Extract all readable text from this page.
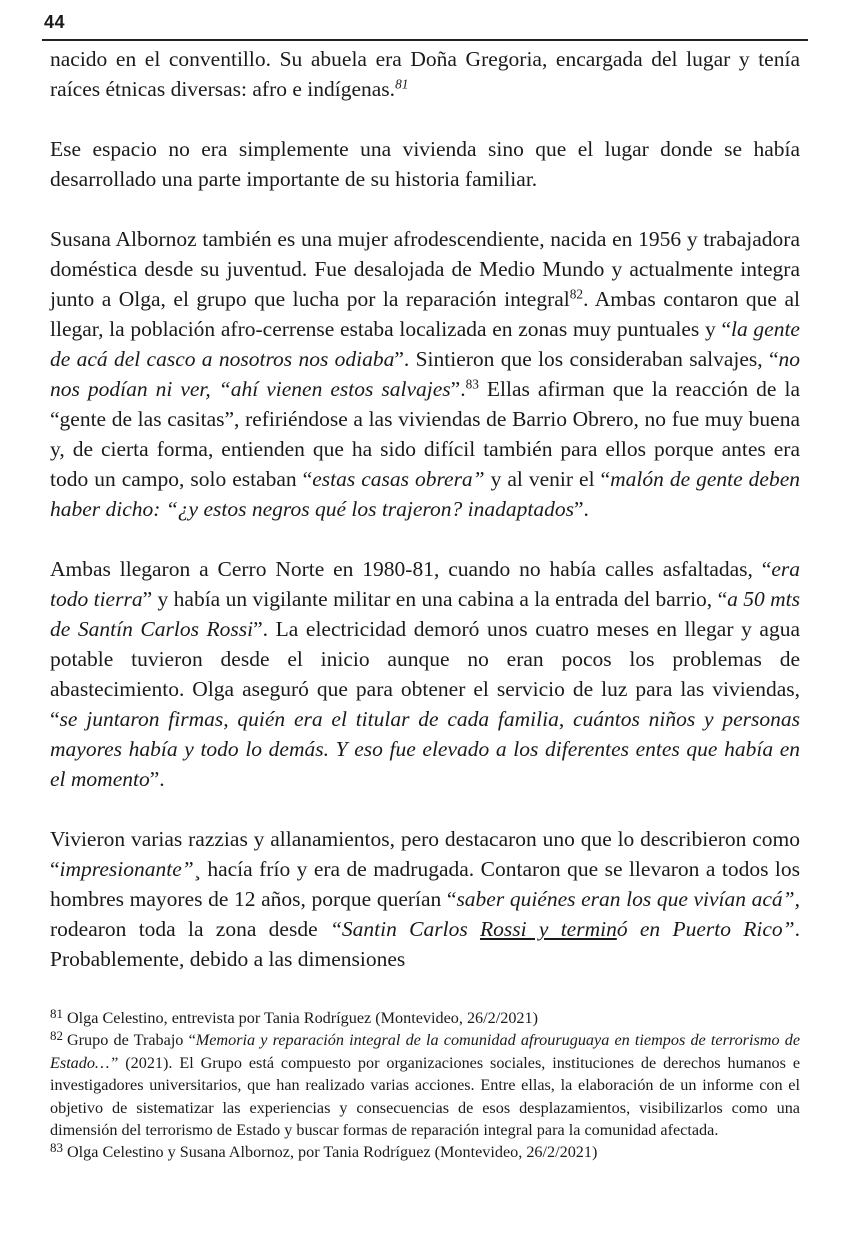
44

nacido en el conventillo. Su abuela era Doña Gregoria, encargada del lugar y tenía raíces étnicas diversas: afro e indígenas.$^{81}$

Ese espacio no era simplemente una vivienda sino que el lugar donde se había desarrollado una parte importante de su historia familiar.

Susana Albornoz también es una mujer afrodescendiente, nacida en 1956 y trabajadora doméstica desde su juventud. Fue desalojada de Medio Mundo y actualmente integra junto a Olga, el grupo que lucha por la reparación integral$^{82}$. Ambas contaron que al llegar, la población afro-cerrense estaba localizada en zonas muy puntuales y “la gente de acá del casco a nosotros nos odiaba”. Sintieron que los consideraban salvajes, “no nos podían ni ver, “ahí vienen estos salvajes”.$^{83}$ Ellas afirman que la reacción de la “gente de las casitas”, refiriéndose a las viviendas de Barrio Obrero, no fue muy buena y, de cierta forma, entienden que ha sido difícil también para ellos porque antes era todo un campo, solo estaban “estas casas obrera” y al venir el “malón de gente deben haber dicho: “¿y estos negros qué los trajeron? inadaptados”.

Ambas llegaron a Cerro Norte en 1980-81, cuando no había calles asfaltadas, “era todo tierra” y había un vigilante militar en una cabina a la entrada del barrio, “a 50 mts de Santín Carlos Rossi”. La electricidad demoró unos cuatro meses en llegar y agua potable tuvieron desde el inicio aunque no eran pocos los problemas de abastecimiento. Olga aseguró que para obtener el servicio de luz para las viviendas, “se juntaron firmas, quién era el titular de cada familia, cuántos niños y personas mayores había y todo lo demás. Y eso fue elevado a los diferentes entes que había en el momento”.

Vivieron varias razzias y allanamientos, pero destacaron uno que lo describieron como “impresionante”¸ hacía frío y era de madrugada. Contaron que se llevaron a todos los hombres mayores de 12 años, porque querían “saber quiénes eran los que vivían acá”, rodearon toda la zona desde “Santin Carlos Rossi y terminó en Puerto Rico”. Probablemente, debido a las dimensiones

$^{81}$ Olga Celestino, entrevista por Tania Rodríguez (Montevideo, 26/2/2021)

$^{82}$ Grupo de Trabajo “Memoria y reparación integral de la comunidad afrouruguaya en tiempos de terrorismo de Estado…” (2021). El Grupo está compuesto por organizaciones sociales, instituciones de derechos humanos e investigadores universitarios, que han realizado varias acciones. Entre ellas, la elaboración de un informe con el objetivo de sistematizar las experiencias y consecuencias de esos desplazamientos, visibilizarlos como una dimensión del terrorismo de Estado y buscar formas de reparación integral para la comunidad afectada.

$^{83}$ Olga Celestino y Susana Albornoz, por Tania Rodríguez (Montevideo, 26/2/2021)
